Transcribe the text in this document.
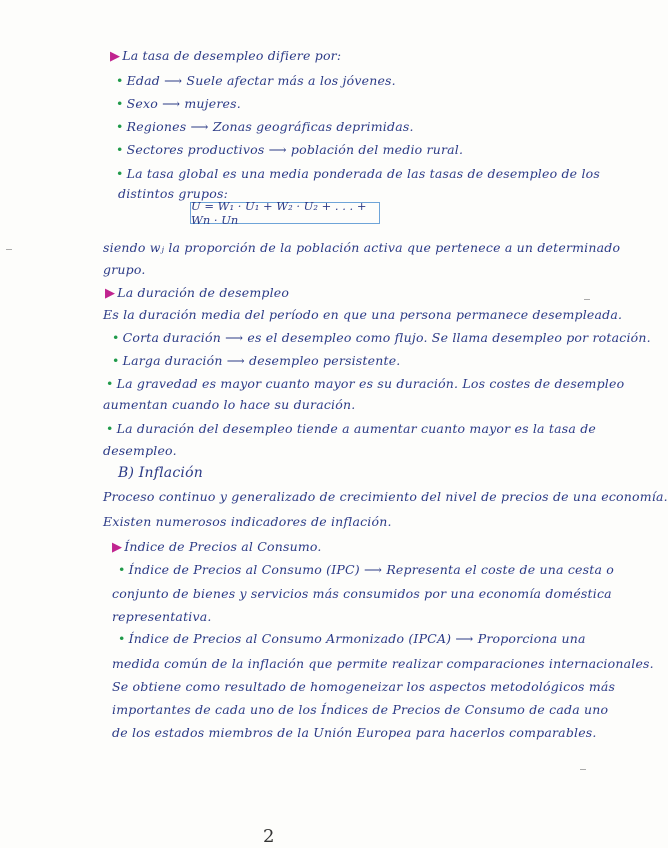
▶ La tasa de desempleo difiere por:
• Edad ⟶ Suele afectar más a los jóvenes.
• Sexo ⟶ mujeres.
• Regiones ⟶ Zonas geográficas deprimidas.
• Sectores productivos ⟶ población del medio rural.
• La tasa global es una media ponderada de las tasas de desempleo de los
distintos grupos:
U = W₁ · U₁ + W₂ · U₂ + . . . + Wn · Un
siendo wⱼ la proporción de la población activa que pertenece a un determinado
grupo.
▶ La duración de desempleo
Es la duración media del período en que una persona permanece desempleada.
• Corta duración ⟶ es el desempleo como flujo. Se llama desempleo por rotación.
• Larga duración ⟶ desempleo persistente.
• La gravedad es mayor cuanto mayor es su duración. Los costes de desempleo
aumentan cuando lo hace su duración.
• La duración del desempleo tiende a aumentar cuanto mayor es la tasa de
desempleo.
B) Inflación
Proceso continuo y generalizado de crecimiento del nivel de precios de una economía.
Existen numerosos indicadores de inflación.
▶ Índice de Precios al Consumo.
• Índice de Precios al Consumo (IPC) ⟶ Representa el coste de una cesta o
conjunto de bienes y servicios más consumidos por una economía doméstica
representativa.
• Índice de Precios al Consumo Armonizado (IPCA) ⟶ Proporciona una
medida común de la inflación que permite realizar comparaciones internacionales.
Se obtiene como resultado de homogeneizar los aspectos metodológicos más
importantes de cada uno de los Índices de Precios de Consumo de cada uno
de los estados miembros de la Unión Europea para hacerlos comparables.
2
